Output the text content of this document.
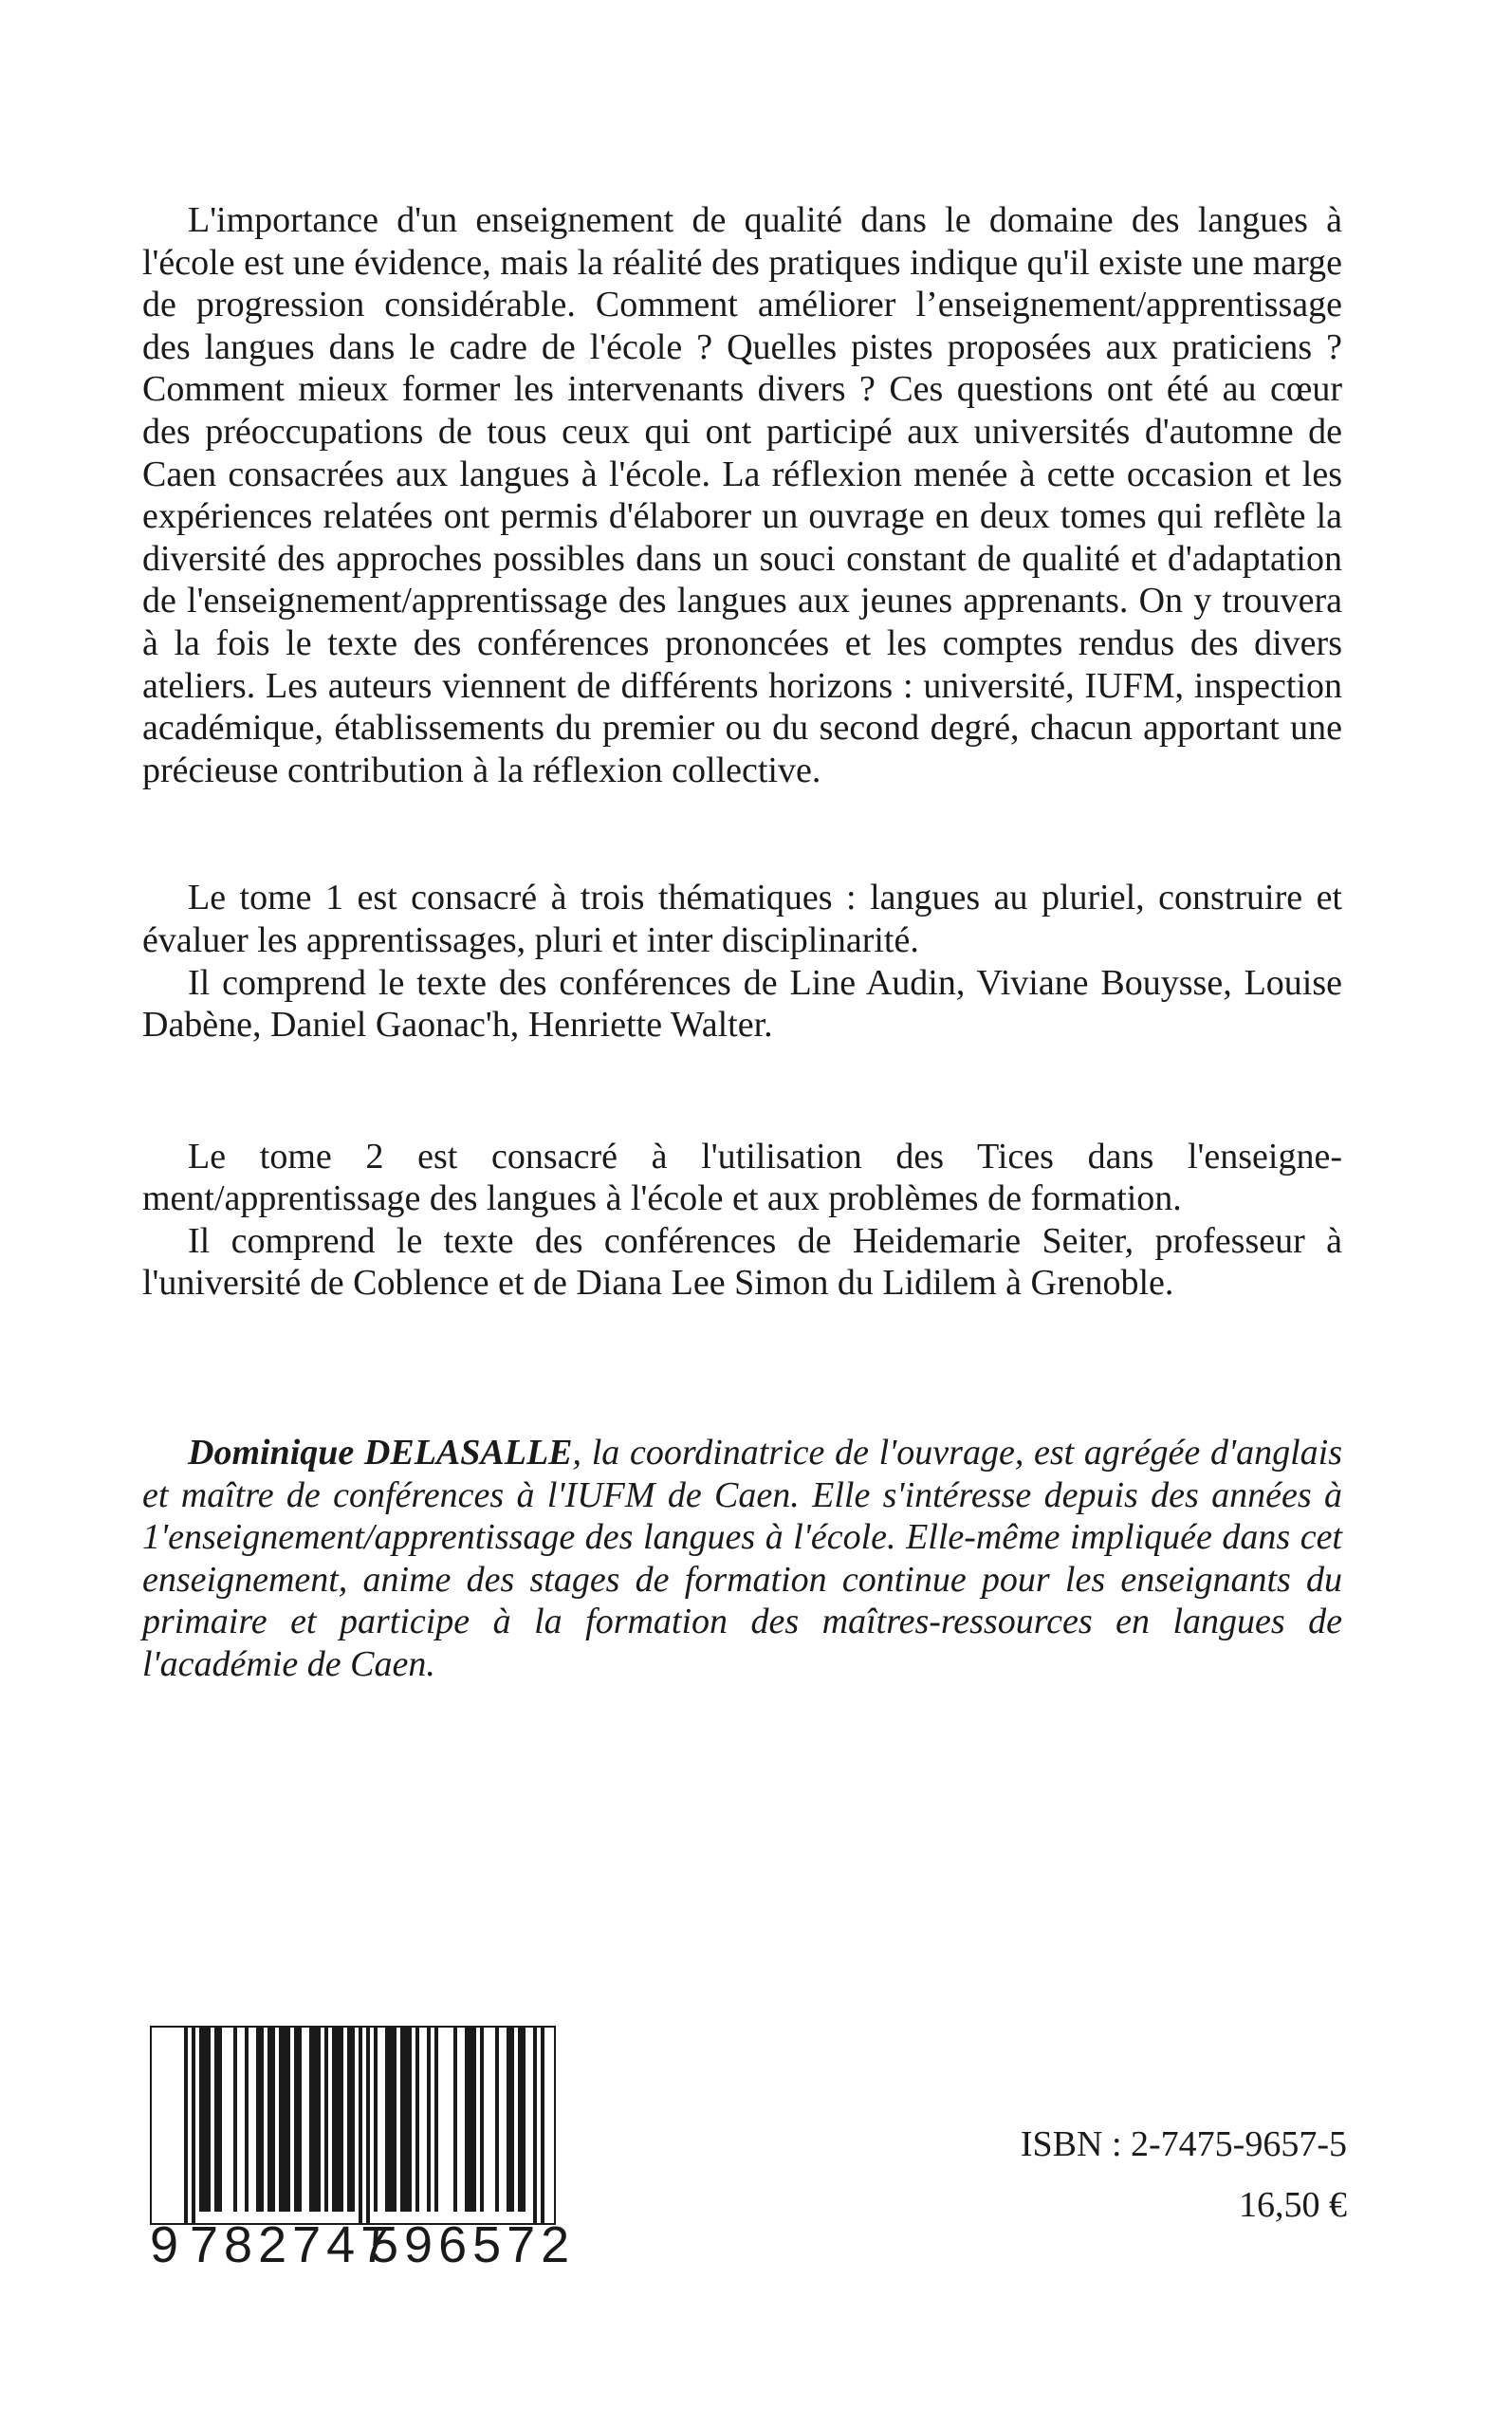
L'importance d'un enseignement de qualité dans le domaine des langues à l'école est une évidence, mais la réalité des pratiques indique qu'il existe une marge de progression considérable. Comment améliorer l’enseignement/apprentissage des langues dans le cadre de l'école ? Quelles pistes proposées aux praticiens ? Comment mieux former les intervenants divers ? Ces questions ont été au cœur des préoccupations de tous ceux qui ont participé aux universités d'automne de Caen consacrées aux langues à l'école. La réflexion menée à cette occasion et les expériences relatées ont permis d'élaborer un ouvrage en deux tomes qui reflète la diversité des approches possibles dans un souci constant de qualité et d'adaptation de l'enseignement/apprentissage des langues aux jeunes apprenants. On y trouvera à la fois le texte des conférences prononcées et les comptes rendus des divers ateliers. Les auteurs viennent de différents horizons : université, IUFM, inspection académique, établissements du premier ou du second degré, chacun apportant une précieuse contribution à la réflexion collective.

Le tome 1 est consacré à trois thématiques : langues au pluriel, construire et évaluer les apprentissages, pluri et inter disciplinarité.

Il comprend le texte des conférences de Line Audin, Viviane Bouysse, Louise Dabène, Daniel Gaonac'h, Henriette Walter.

Le tome 2 est consacré à l'utilisation des Tices dans l'enseignement/apprentissage des langues à l'école et aux problèmes de formation.

Il comprend le texte des conférences de Heidemarie Seiter, professeur à l'université de Coblence et de Diana Lee Simon du Lidilem à Grenoble.

Dominique DELASALLE, la coordinatrice de l'ouvrage, est agrégée d'anglais et maître de conférences à l'IUFM de Caen. Elle s'intéresse depuis des années à 1'enseignement/apprentissage des langues à l'école. Elle-même impliquée dans cet enseignement, anime des stages de formation continue pour les enseignants du primaire et participe à la formation des maîtres-ressources en langues de l'académie de Caen.

9 782747
596572
ISBN : 2-7475-9657-5
16,50 €
